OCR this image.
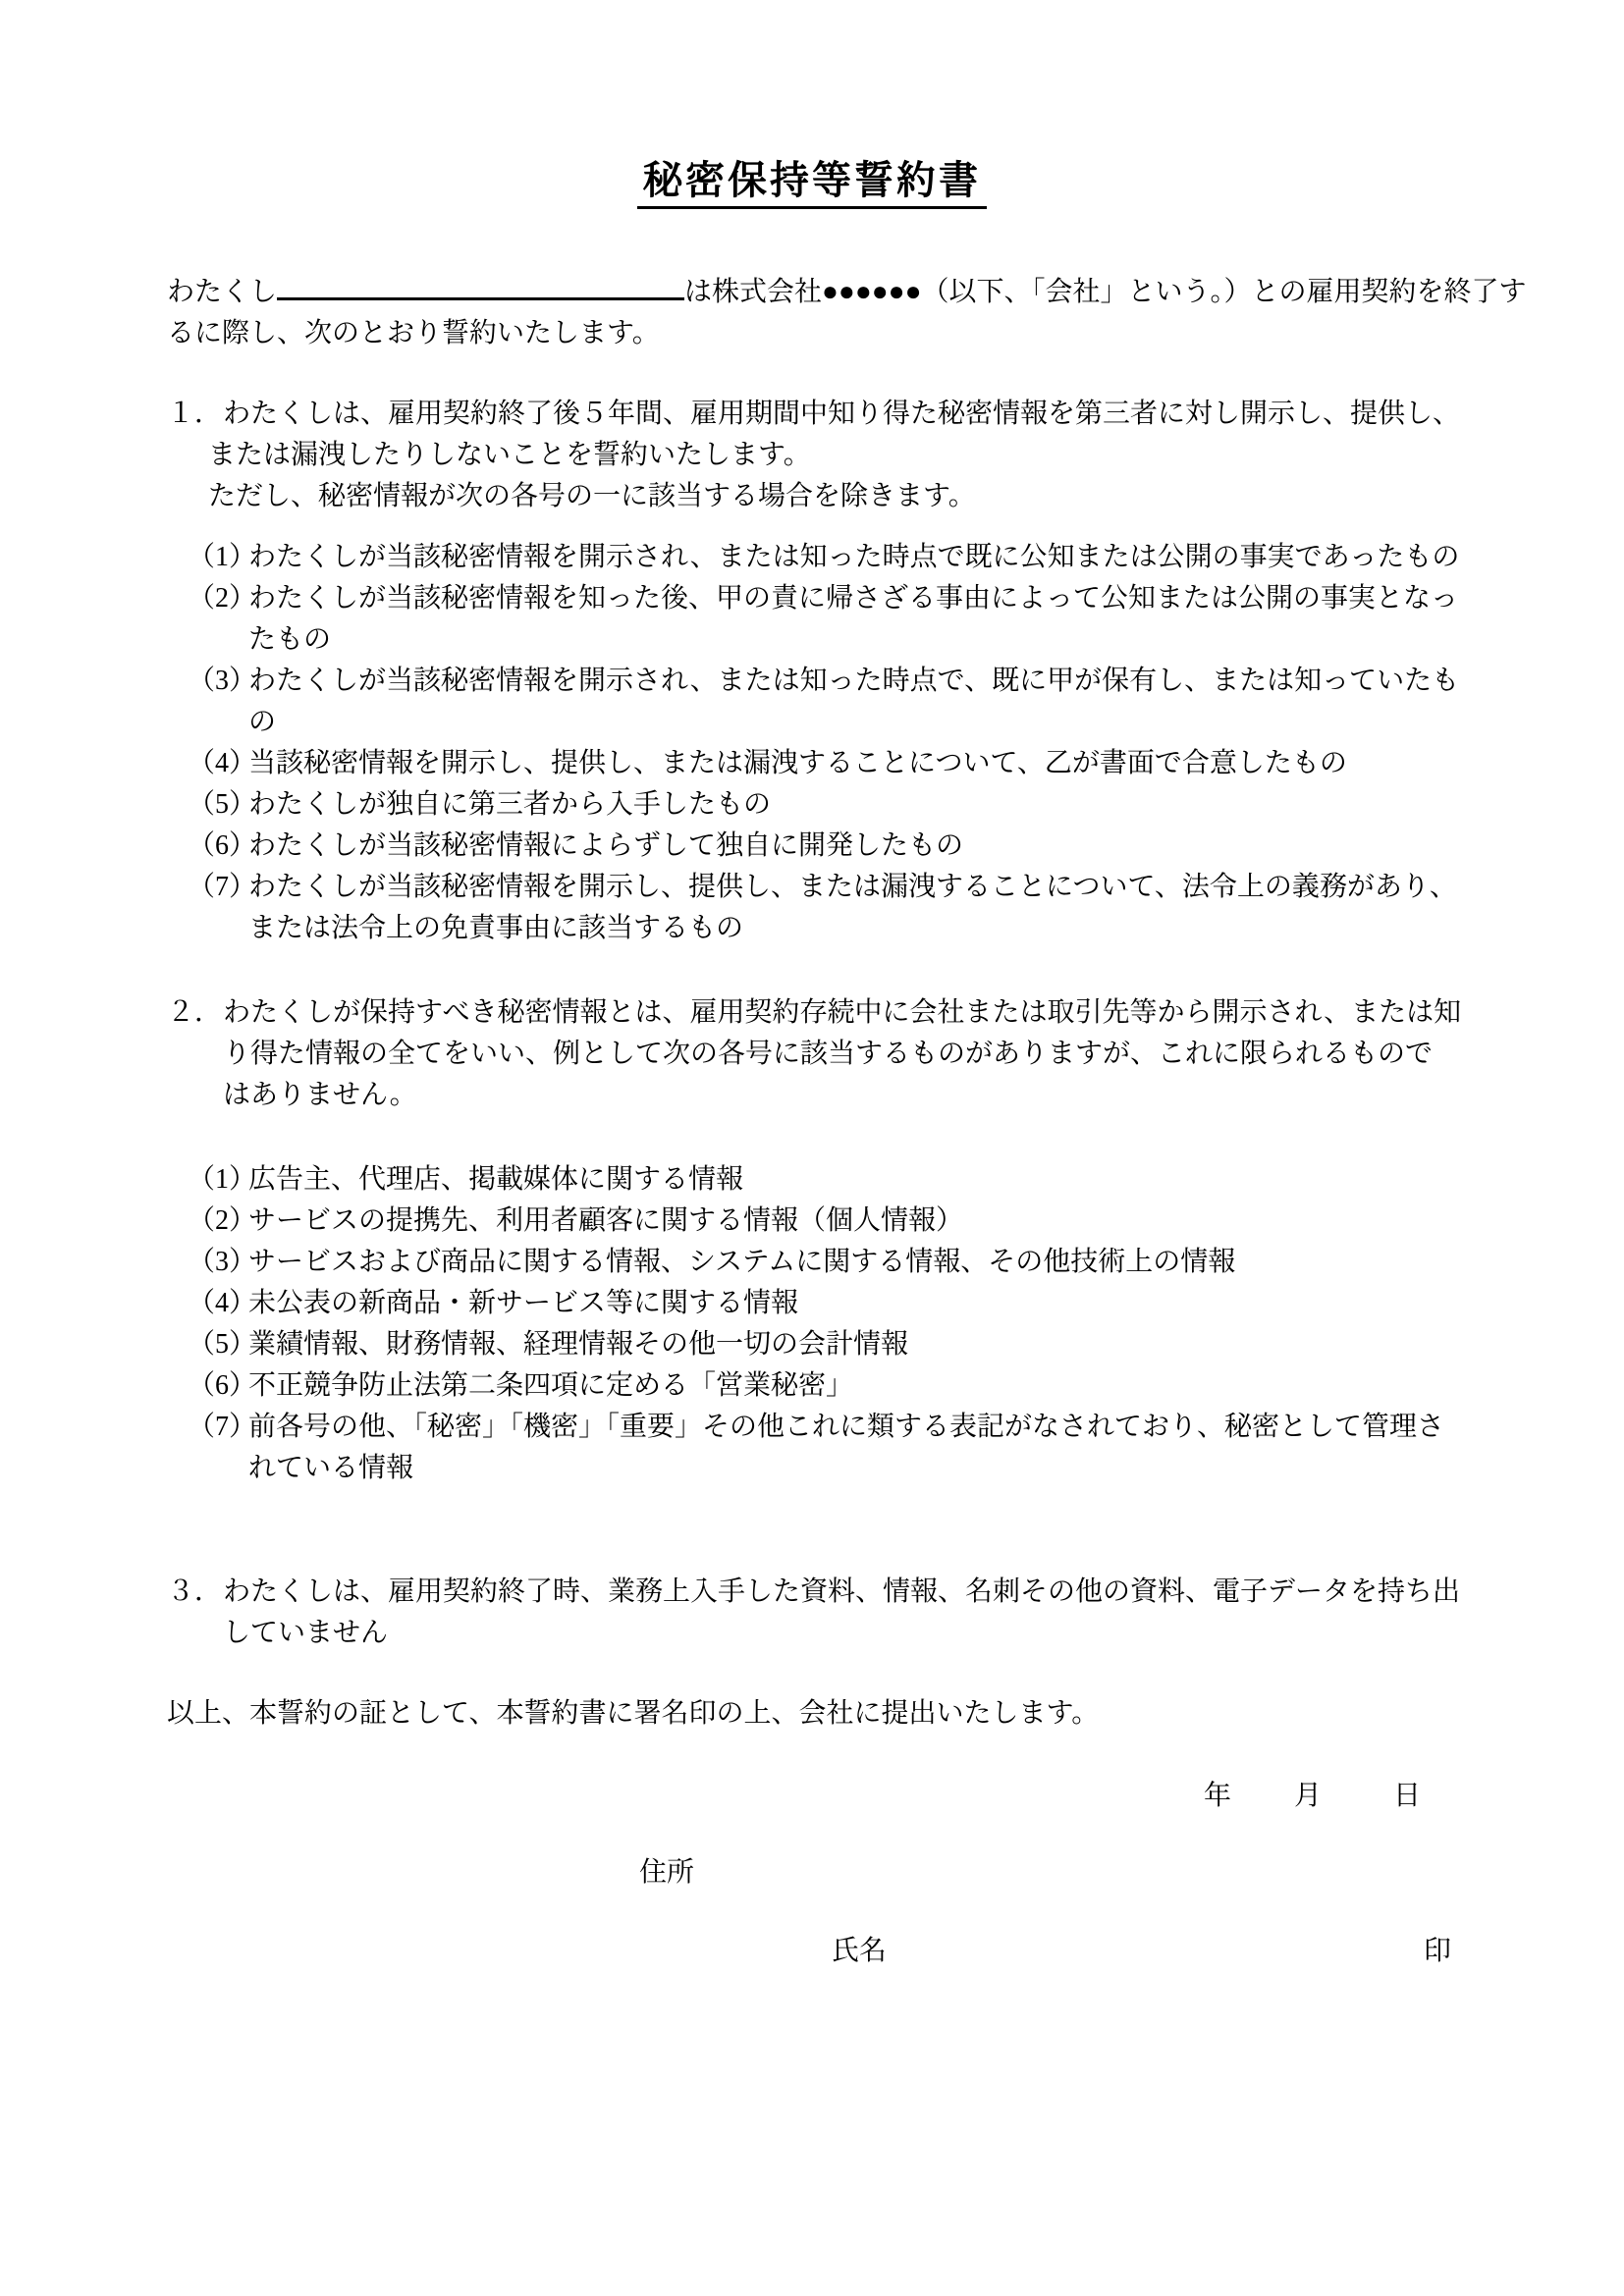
秘密保持等誓約書
わたくし	は株式会社●●●●●●（以下、「会社」という。）との雇用契約を終了す
るに際し、次のとおり誓約いたします。
１． わたくしは、雇用契約終了後５年間、雇用期間中知り得た秘密情報を第三者に対し開示し、提供し、
または漏洩したりしないことを誓約いたします。
ただし、秘密情報が次の各号の一に該当する場合を除きます。
（1）
わたくしが当該秘密情報を開示され、または知った時点で既に公知または公開の事実であったもの
（2）
わたくしが当該秘密情報を知った後、甲の責に帰さざる事由によって公知または公開の事実となっ
たもの
（3）
わたくしが当該秘密情報を開示され、または知った時点で、既に甲が保有し、または知っていたも
の
（4）
当該秘密情報を開示し、提供し、または漏洩することについて、乙が書面で合意したもの
（5）
わたくしが独自に第三者から入手したもの
（6）
わたくしが当該秘密情報によらずして独自に開発したもの
（7）
わたくしが当該秘密情報を開示し、提供し、または漏洩することについて、法令上の義務があり、
または法令上の免責事由に該当するもの
２． わたくしが保持すべき秘密情報とは、雇用契約存続中に会社または取引先等から開示され、または知
り得た情報の全てをいい、例として次の各号に該当するものがありますが、これに限られるもので
はありません。
（1）
広告主、代理店、掲載媒体に関する情報
（2）
サービスの提携先、利用者顧客に関する情報（個人情報）
（3）
サービスおよび商品に関する情報、システムに関する情報、その他技術上の情報
（4）
未公表の新商品・新サービス等に関する情報
（5）
業績情報、財務情報、経理情報その他一切の会計情報
（6）
不正競争防止法第二条四項に定める「営業秘密」
（7）
前各号の他、「秘密」「機密」「重要」その他これに類する表記がなされており、秘密として管理さ
れている情報
３． わたくしは、雇用契約終了時、業務上入手した資料、情報、名刺その他の資料、電子データを持ち出
していません
以上、本誓約の証として、本誓約書に署名印の上、会社に提出いたします。
年 月	日
住所
氏名	印
